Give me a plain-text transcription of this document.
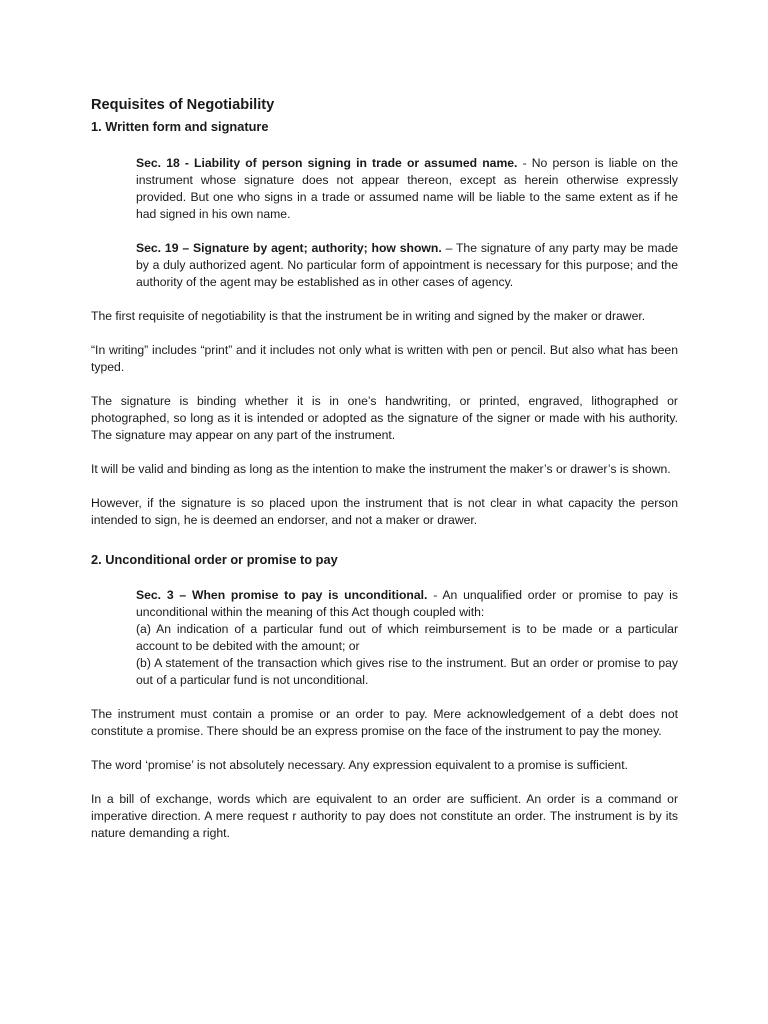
Requisites of Negotiability
1. Written form and signature
Sec. 18 - Liability of person signing in trade or assumed name. - No person is liable on the instrument whose signature does not appear thereon, except as herein otherwise expressly provided. But one who signs in a trade or assumed name will be liable to the same extent as if he had signed in his own name.
Sec. 19 – Signature by agent; authority; how shown. – The signature of any party may be made by a duly authorized agent. No particular form of appointment is necessary for this purpose; and the authority of the agent may be established as in other cases of agency.

The first requisite of negotiability is that the instrument be in writing and signed by the maker or drawer.

“In writing” includes “print” and it includes not only what is written with pen or pencil. But also what has been typed.

The signature is binding whether it is in one’s handwriting, or printed, engraved, lithographed or photographed, so long as it is intended or adopted as the signature of the signer or made with his authority. The signature may appear on any part of the instrument.

It will be valid and binding as long as the intention to make the instrument the maker’s or drawer’s is shown.

However, if the signature is so placed upon the instrument that is not clear in what capacity the person intended to sign, he is deemed an endorser, and not a maker or drawer.

2. Unconditional order or promise to pay
Sec. 3 – When promise to pay is unconditional. - An unqualified order or promise to pay is unconditional within the meaning of this Act though coupled with:
(a) An indication of a particular fund out of which reimbursement is to be made or a particular account to be debited with the amount; or
(b) A statement of the transaction which gives rise to the instrument. But an order or promise to pay out of a particular fund is not unconditional.

The instrument must contain a promise or an order to pay. Mere acknowledgement of a debt does not constitute a promise. There should be an express promise on the face of the instrument to pay the money.

The word ‘promise’ is not absolutely necessary. Any expression equivalent to a promise is sufficient.

In a bill of exchange, words which are equivalent to an order are sufficient. An order is a command or imperative direction. A mere request r authority to pay does not constitute an order. The instrument is by its nature demanding a right.
